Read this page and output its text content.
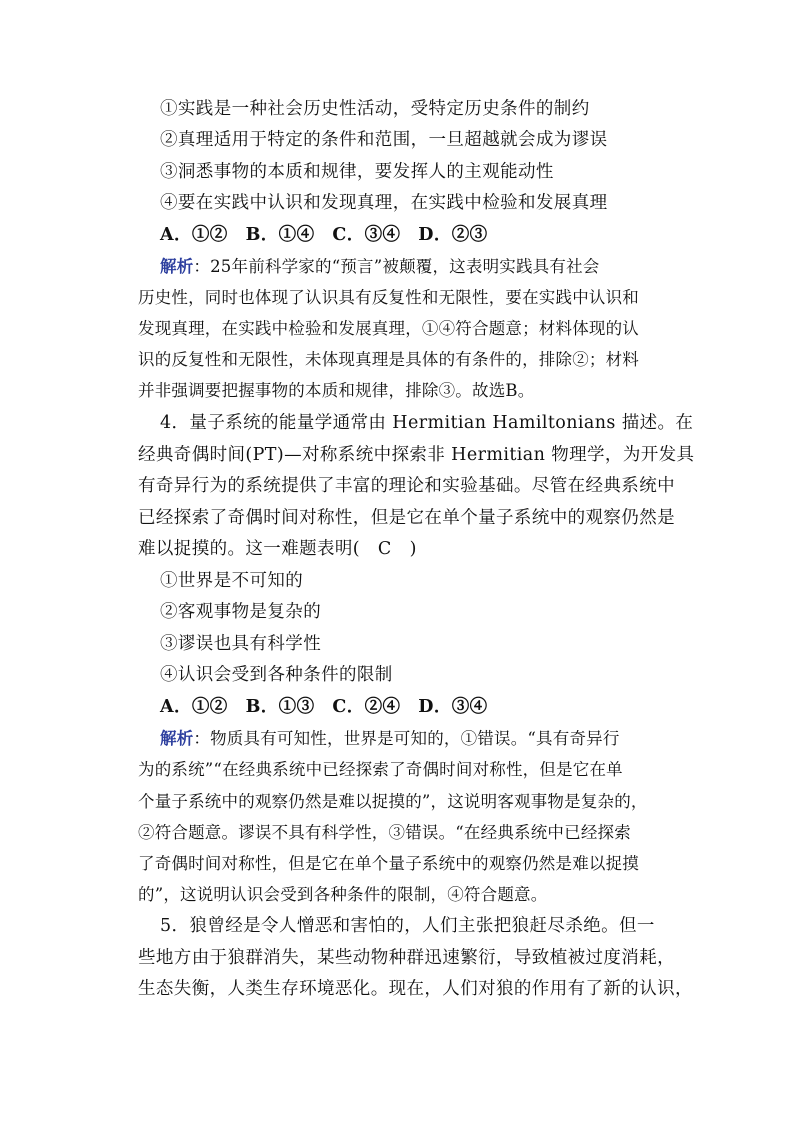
①实践是一种社会历史性活动，受特定历史条件的制约
②真理适用于特定的条件和范围，一旦超越就会成为谬误
③洞悉事物的本质和规律，要发挥人的主观能动性
④要在实践中认识和发现真理，在实践中检验和发展真理
A．①②　B．①④　C．③④　D．②③
解析：25年前科学家的“预言”被颠覆，这表明实践具有社会
历史性，同时也体现了认识具有反复性和无限性，要在实践中认识和
发现真理，在实践中检验和发展真理，①④符合题意；材料体现的认
识的反复性和无限性，未体现真理是具体的有条件的，排除②；材料
并非强调要把握事物的本质和规律，排除③。故选B。
4．量子系统的能量学通常由 Hermitian Hamiltonians 描述。在
经典奇偶时间(PT)—对称系统中探索非 Hermitian 物理学，为开发具
有奇异行为的系统提供了丰富的理论和实验基础。尽管在经典系统中
已经探索了奇偶时间对称性，但是它在单个量子系统中的观察仍然是
难以捉摸的。这一难题表明(　C　)
①世界是不可知的
②客观事物是复杂的
③谬误也具有科学性
④认识会受到各种条件的限制
A．①②　B．①③　C．②④　D．③④
解析：物质具有可知性，世界是可知的，①错误。“具有奇异行
为的系统”“在经典系统中已经探索了奇偶时间对称性，但是它在单
个量子系统中的观察仍然是难以捉摸的”，这说明客观事物是复杂的，
②符合题意。谬误不具有科学性，③错误。“在经典系统中已经探索
了奇偶时间对称性，但是它在单个量子系统中的观察仍然是难以捉摸
的”，这说明认识会受到各种条件的限制，④符合题意。
5．狼曾经是令人憎恶和害怕的，人们主张把狼赶尽杀绝。但一
些地方由于狼群消失，某些动物种群迅速繁衍，导致植被过度消耗，
生态失衡，人类生存环境恶化。现在，人们对狼的作用有了新的认识，
